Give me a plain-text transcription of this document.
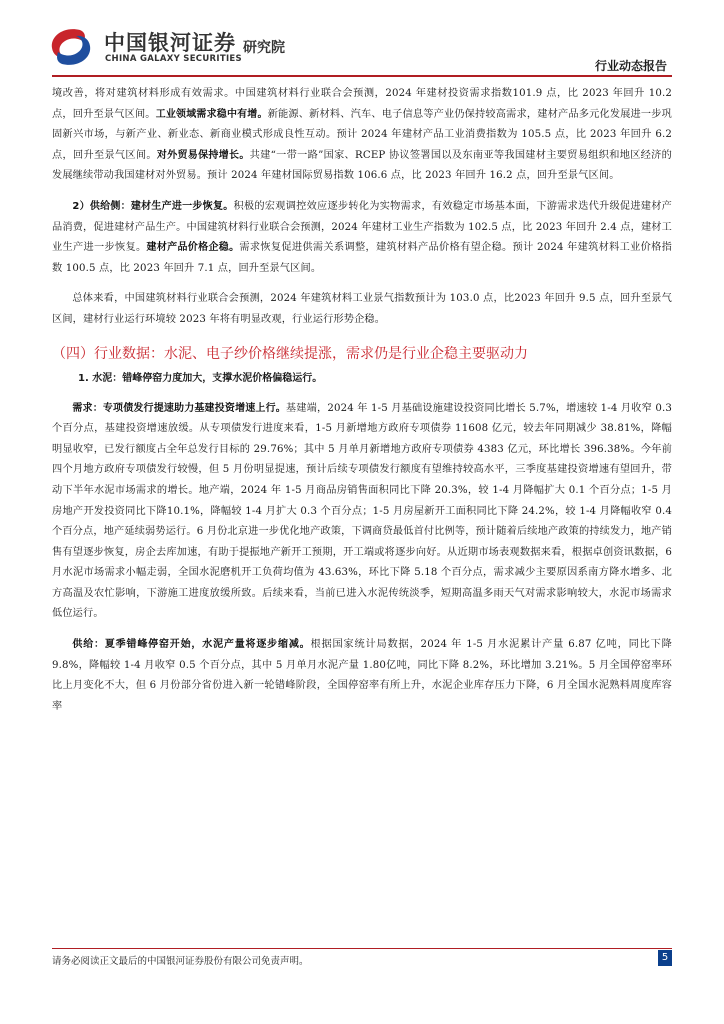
中国银河证券
CHINA GALAXY SECURITIES
研究院
行业动态报告

境改善，将对建筑材料形成有效需求。中国建筑材料行业联合会预测，2024 年建材投资需求指数101.9 点，比 2023 年回升 10.2 点，回升至景气区间。工业领域需求稳中有增。新能源、新材料、汽车、电子信息等产业仍保持较高需求，建材产品多元化发展进一步巩固新兴市场，与新产业、新业态、新商业模式形成良性互动。预计 2024 年建材产品工业消费指数为 105.5 点，比 2023 年回升 6.2 点，回升至景气区间。对外贸易保持增长。共建“一带一路”国家、RCEP 协议签署国以及东南亚等我国建材主要贸易组织和地区经济的发展继续带动我国建材对外贸易。预计 2024 年建材国际贸易指数 106.6 点，比 2023 年回升 16.2 点，回升至景气区间。

2）供给侧：建材生产进一步恢复。积极的宏观调控效应逐步转化为实物需求，有效稳定市场基本面，下游需求迭代升级促进建材产品消费，促进建材产品生产。中国建筑材料行业联合会预测，2024 年建材工业生产指数为 102.5 点，比 2023 年回升 2.4 点，建材工业生产进一步恢复。建材产品价格企稳。需求恢复促进供需关系调整，建筑材料产品价格有望企稳。预计 2024 年建筑材料工业价格指数 100.5 点，比 2023 年回升 7.1 点，回升至景气区间。

总体来看，中国建筑材料行业联合会预测，2024 年建筑材料工业景气指数预计为 103.0 点，比2023 年回升 9.5 点，回升至景气区间，建材行业运行环境较 2023 年将有明显改观，行业运行形势企稳。

（四）行业数据：水泥、电子纱价格继续提涨，需求仍是行业企稳主要驱动力
1. 水泥：错峰停窑力度加大，支撑水泥价格偏稳运行。

需求：专项债发行提速助力基建投资增速上行。基建端，2024 年 1-5 月基础设施建设投资同比增长 5.7%，增速较 1-4 月收窄 0.3 个百分点，基建投资增速放缓。从专项债发行进度来看，1-5 月新增地方政府专项债券 11608 亿元，较去年同期减少 38.81%，降幅明显收窄，已发行额度占全年总发行目标的 29.76%；其中 5 月单月新增地方政府专项债券 4383 亿元，环比增长 396.38%。今年前四个月地方政府专项债发行较慢，但 5 月份明显提速，预计后续专项债发行额度有望维持较高水平，三季度基建投资增速有望回升，带动下半年水泥市场需求的增长。地产端，2024 年 1-5 月商品房销售面积同比下降 20.3%，较 1-4 月降幅扩大 0.1 个百分点；1-5 月房地产开发投资同比下降10.1%，降幅较 1-4 月扩大 0.3 个百分点；1-5 月房屋新开工面积同比下降 24.2%，较 1-4 月降幅收窄 0.4 个百分点，地产延续弱势运行。6 月份北京进一步优化地产政策，下调商贷最低首付比例等，预计随着后续地产政策的持续发力，地产销售有望逐步恢复，房企去库加速，有助于提振地产新开工预期，开工端或将逐步向好。从近期市场表观数据来看，根据卓创资讯数据，6 月水泥市场需求小幅走弱，全国水泥磨机开工负荷均值为 43.63%，环比下降 5.18 个百分点，需求减少主要原因系南方降水增多、北方高温及农忙影响，下游施工进度放缓所致。后续来看，当前已进入水泥传统淡季，短期高温多雨天气对需求影响较大，水泥市场需求低位运行。

供给：夏季错峰停窑开始，水泥产量将逐步缩减。根据国家统计局数据，2024 年 1-5 月水泥累计产量 6.87 亿吨，同比下降 9.8%，降幅较 1-4 月收窄 0.5 个百分点，其中 5 月单月水泥产量 1.80亿吨，同比下降 8.2%，环比增加 3.21%。5 月全国停窑率环比上月变化不大，但 6 月份部分省份进入新一轮错峰阶段，全国停窑率有所上升，水泥企业库存压力下降，6 月全国水泥熟料周度库容率

请务必阅读正文最后的中国银河证券股份有限公司免责声明。	5
